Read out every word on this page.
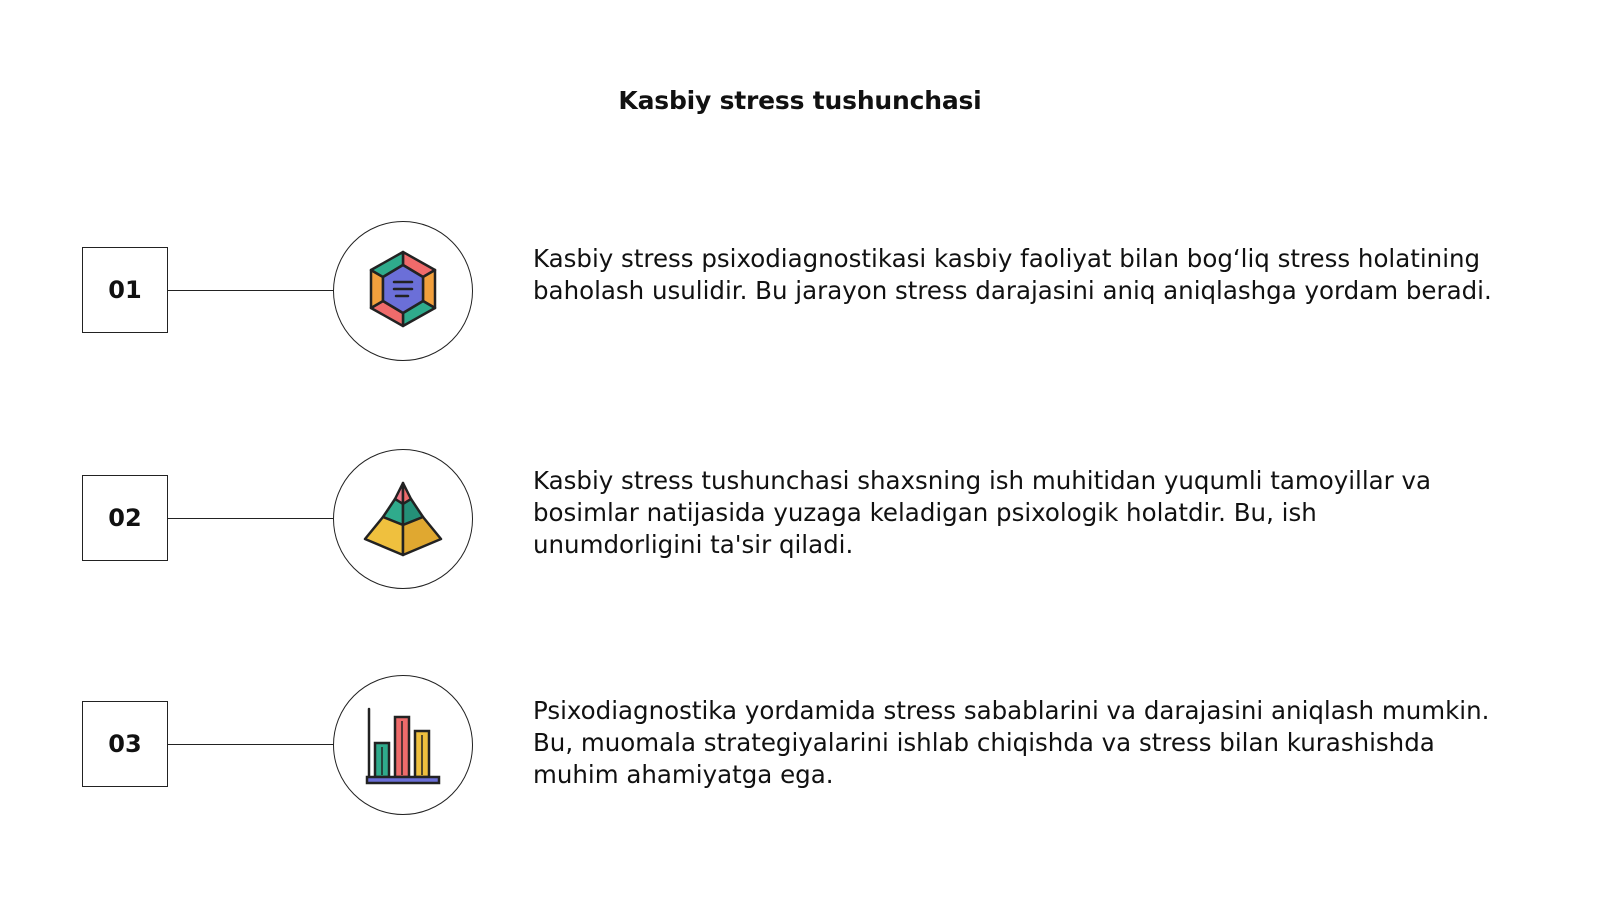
Kasbiy stress tushunchasi
01
Kasbiy stress psixodiagnostikasi kasbiy faoliyat bilan bog‘liq stress holatining baholash usulidir. Bu jarayon stress darajasini aniq aniqlashga yordam beradi.
02
Kasbiy stress tushunchasi shaxsning ish muhitidan yuqumli tamoyillar va bosimlar natijasida yuzaga keladigan psixologik holatdir. Bu, ish unumdorligini ta'sir qiladi.
03
Psixodiagnostika yordamida stress sabablarini va darajasini aniqlash mumkin. Bu, muomala strategiyalarini ishlab chiqishda va stress bilan kurashishda muhim ahamiyatga ega.
